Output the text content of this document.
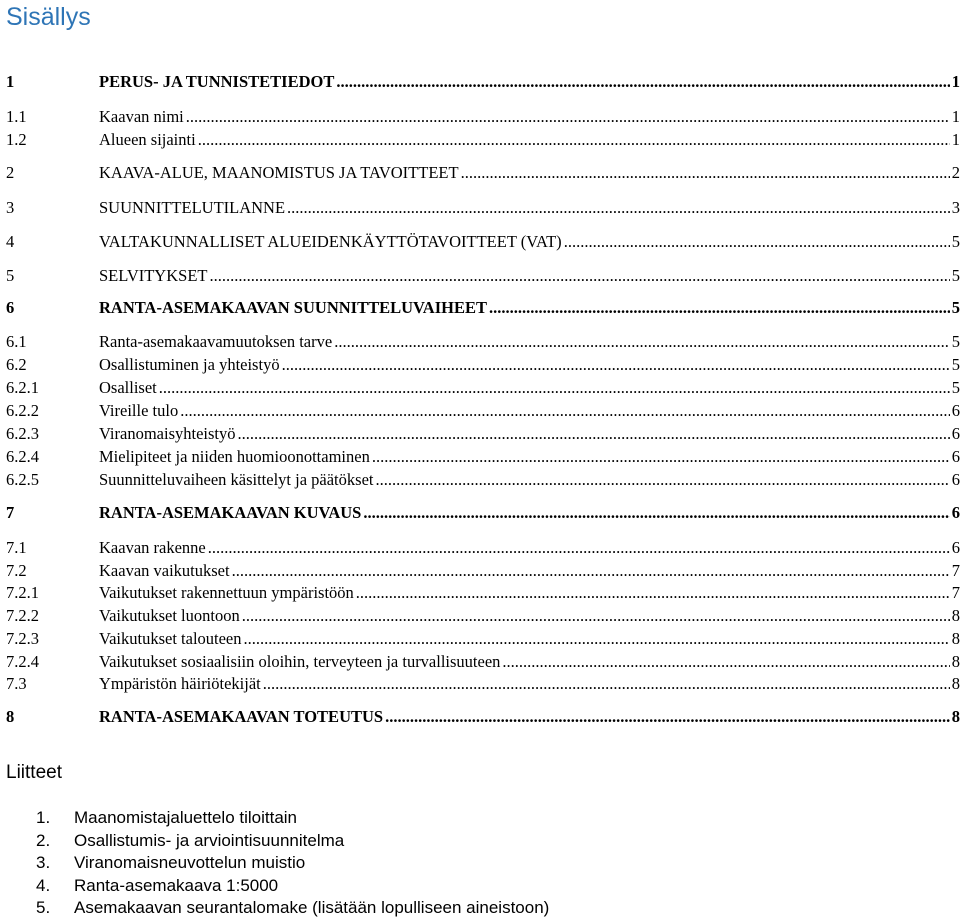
Sisällys
1	PERUS- JA TUNNISTETIEDOT .....	1
1.1	Kaavan nimi .....	1
1.2	Alueen sijainti .....	1
2	KAAVA-ALUE, MAANOMISTUS JA TAVOITTEET .....	2
3	SUUNNITTELUTILANNE .....	3
4	VALTAKUNNALLISET ALUEIDENKÄYTTÖTAVOITTEET (VAT) .....	5
5	SELVITYKSET .....	5
6	RANTA-ASEMAKAAVAN SUUNNITTELUVAIHEET .....	5
6.1	Ranta-asemakaavamuutoksen tarve .....	5
6.2	Osallistuminen ja yhteistyö .....	5
6.2.1	Osalliset .....	5
6.2.2	Vireille tulo .....	6
6.2.3	Viranomaisyhteistyö .....	6
6.2.4	Mielipiteet ja niiden huomioonottaminen .....	6
6.2.5	Suunnitteluvaiheen käsittelyt ja päätökset .....	6
7	RANTA-ASEMAKAAVAN KUVAUS .....	6
7.1	Kaavan rakenne .....	6
7.2	Kaavan vaikutukset .....	7
7.2.1	Vaikutukset rakennettuun ympäristöön .....	7
7.2.2	Vaikutukset luontoon .....	8
7.2.3	Vaikutukset talouteen .....	8
7.2.4	Vaikutukset sosiaalisiin oloihin, terveyteen ja turvallisuuteen .....	8
7.3	Ympäristön häiriötekijät .....	8
8	RANTA-ASEMAKAAVAN TOTEUTUS .....	8
Liitteet
1. Maanomistajaluettelo tiloittain
2. Osallistumis- ja arviointisuunnitelma
3. Viranomaisneuvottelun muistio
4. Ranta-asemakaava 1:5000
5. Asemakaavan seurantalomake (lisätään lopulliseen aineistoon)
